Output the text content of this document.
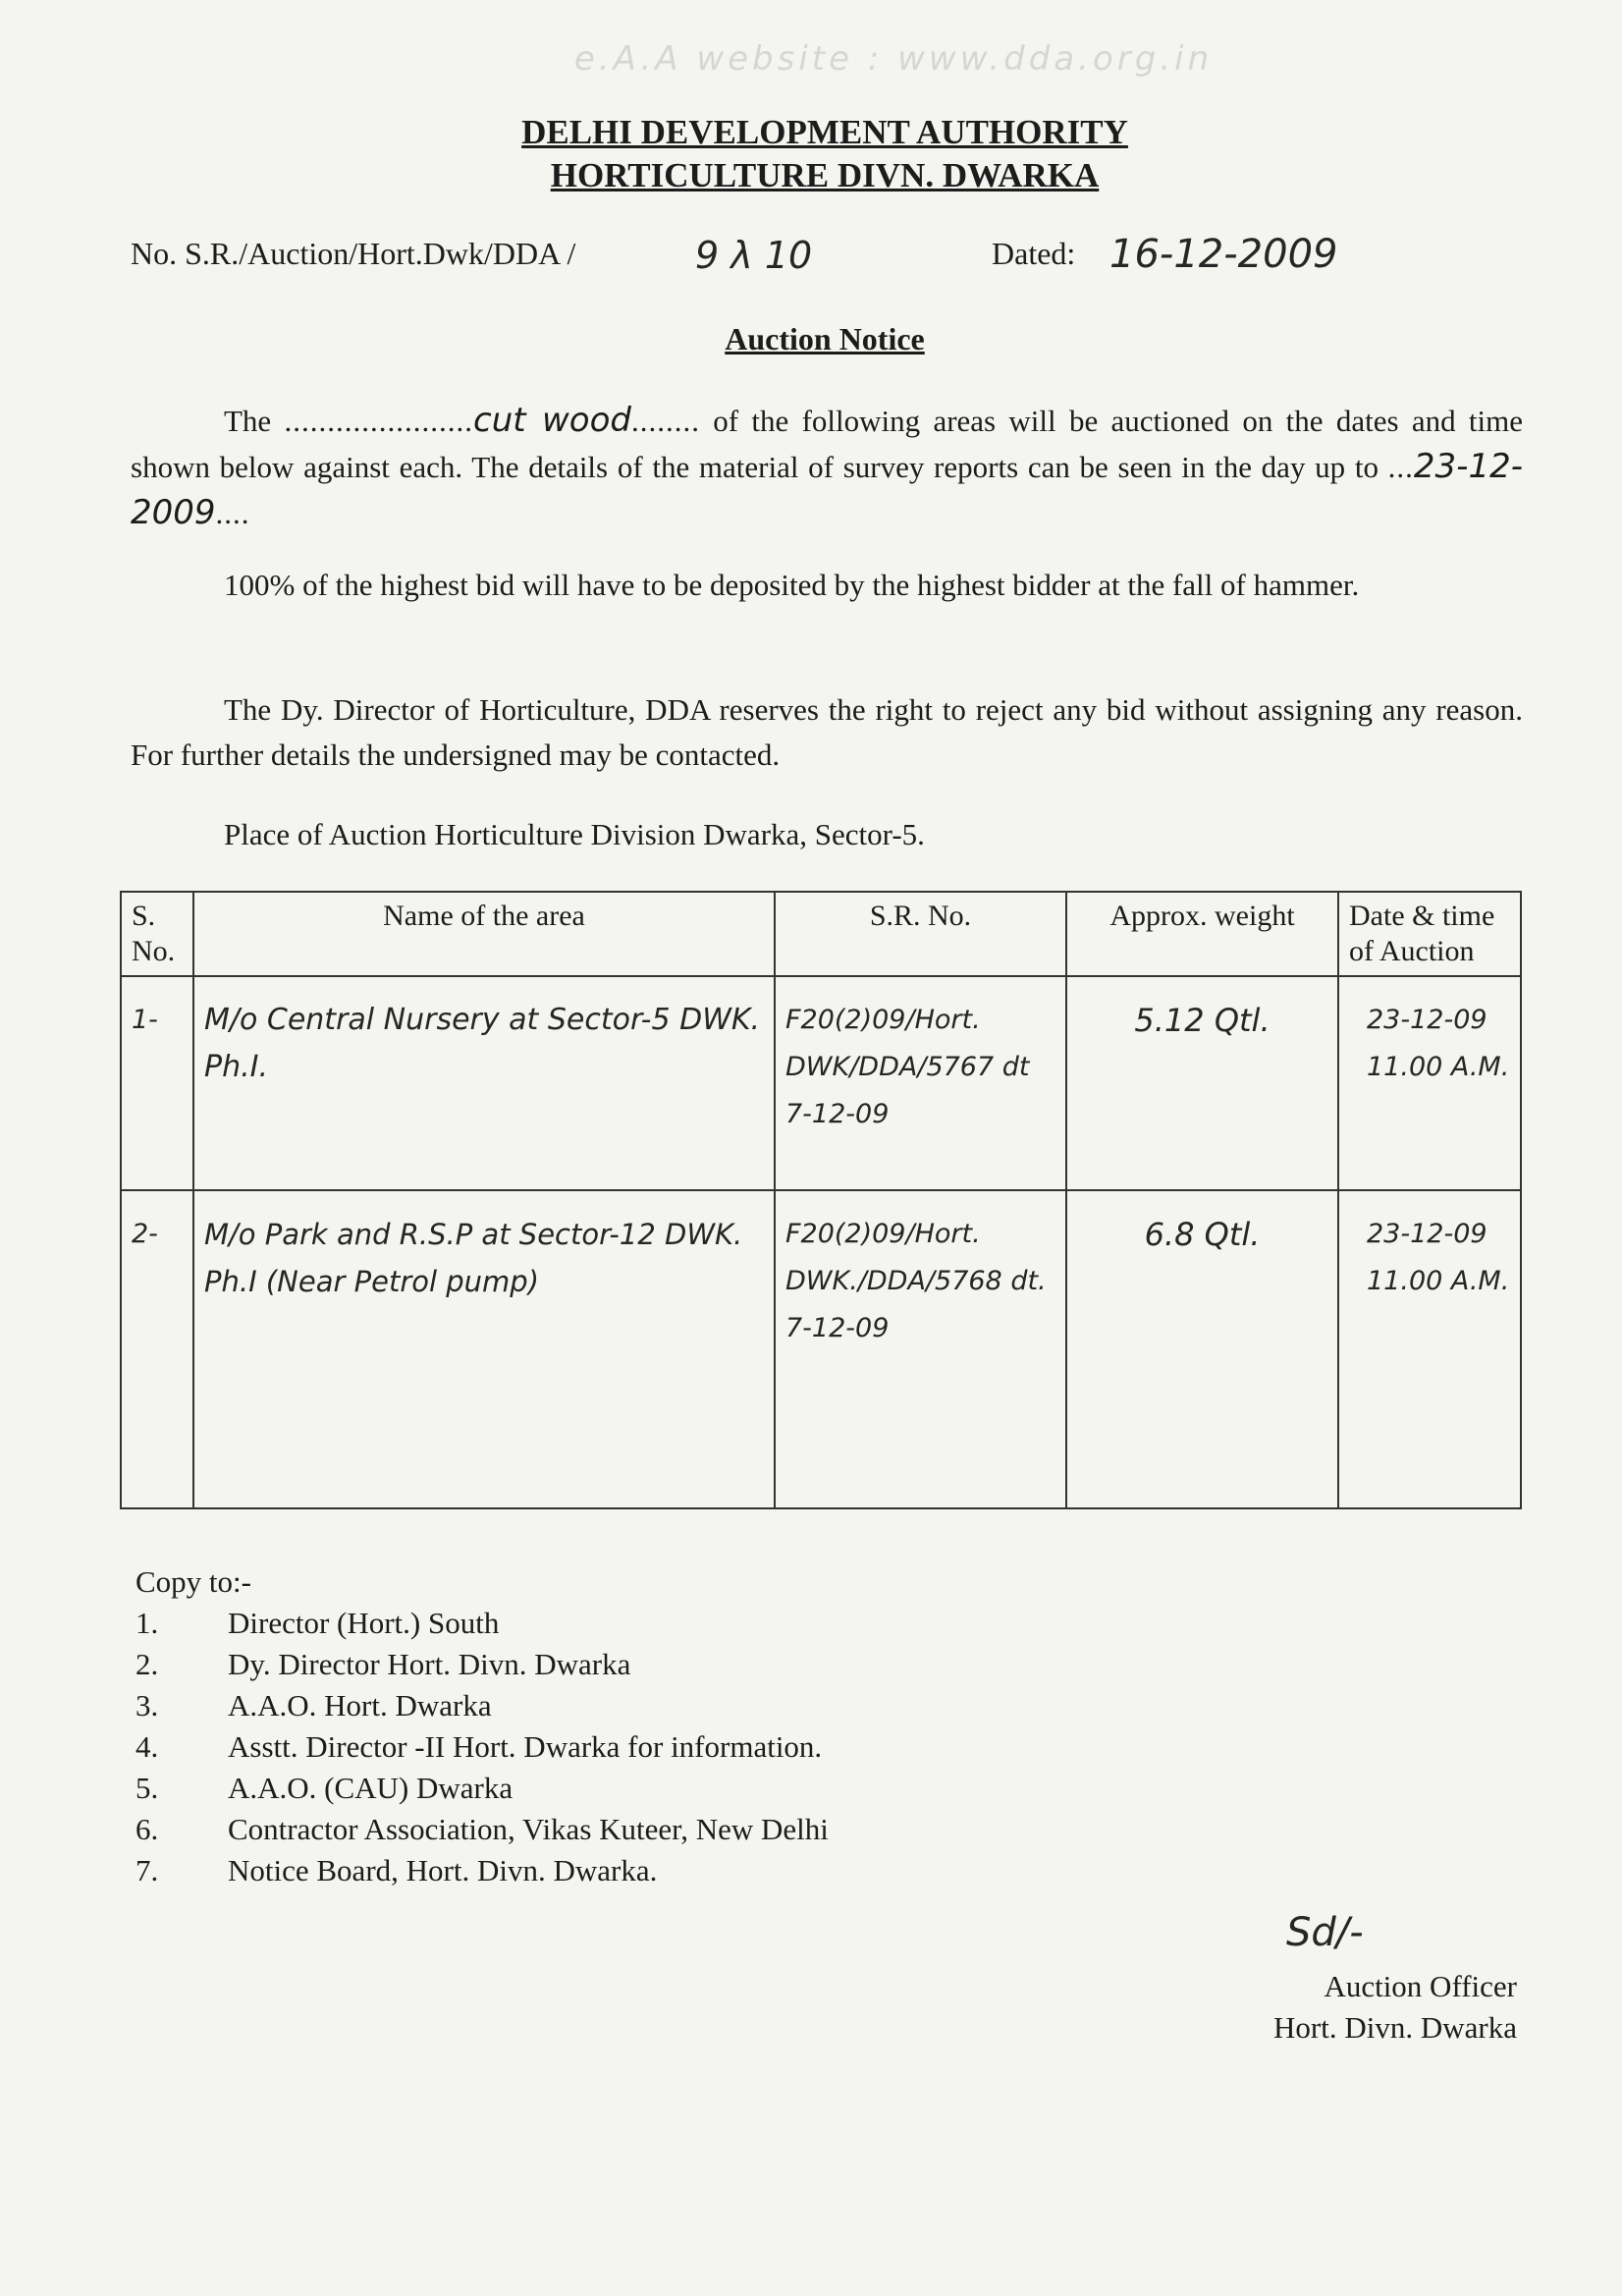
e.A.A website : www.dda.org.in
DELHI DEVELOPMENT AUTHORITY
HORTICULTURE DIVN. DWARKA
No. S.R./Auction/Hort.Dwk/DDA /	9 λ 10	Dated: 16-12-2009
Auction Notice
The ......................cut wood........ of the following areas will be auctioned on the dates and time shown below against each. The details of the material of survey reports can be seen in the day up to ...23-12-2009....
100% of the highest bid will have to be deposited by the highest bidder at the fall of hammer.
The Dy. Director of Horticulture, DDA reserves the right to reject any bid without assigning any reason. For further details the undersigned may be contacted.
Place of Auction Horticulture Division Dwarka, Sector-5.
S. No.	Name of the area	S.R. No.	Approx. weight	Date & time of Auction
1-	M/o Central Nursery at Sector-5 DWK. Ph.I.	F20(2)09/Hort. DWK/DDA/5767 dt 7-12-09	5.12 Qtl.	23-12-09
11.00 A.M.

2-	M/o Park and R.S.P at Sector-12 DWK. Ph.I (Near Petrol pump)	F20(2)09/Hort. DWK./DDA/5768 dt. 7-12-09	6.8 Qtl.	23-12-09
11.00 A.M.
Copy to:-
1.	Director (Hort.) South
2.	Dy. Director Hort. Divn. Dwarka
3.	A.A.O. Hort. Dwarka
4.	Asstt. Director -II Hort. Dwarka for information.
5.	A.A.O. (CAU) Dwarka
6.	Contractor Association, Vikas Kuteer, New Delhi
7.	Notice Board, Hort. Divn. Dwarka.
Sd/-
Auction Officer
Hort. Divn. Dwarka
